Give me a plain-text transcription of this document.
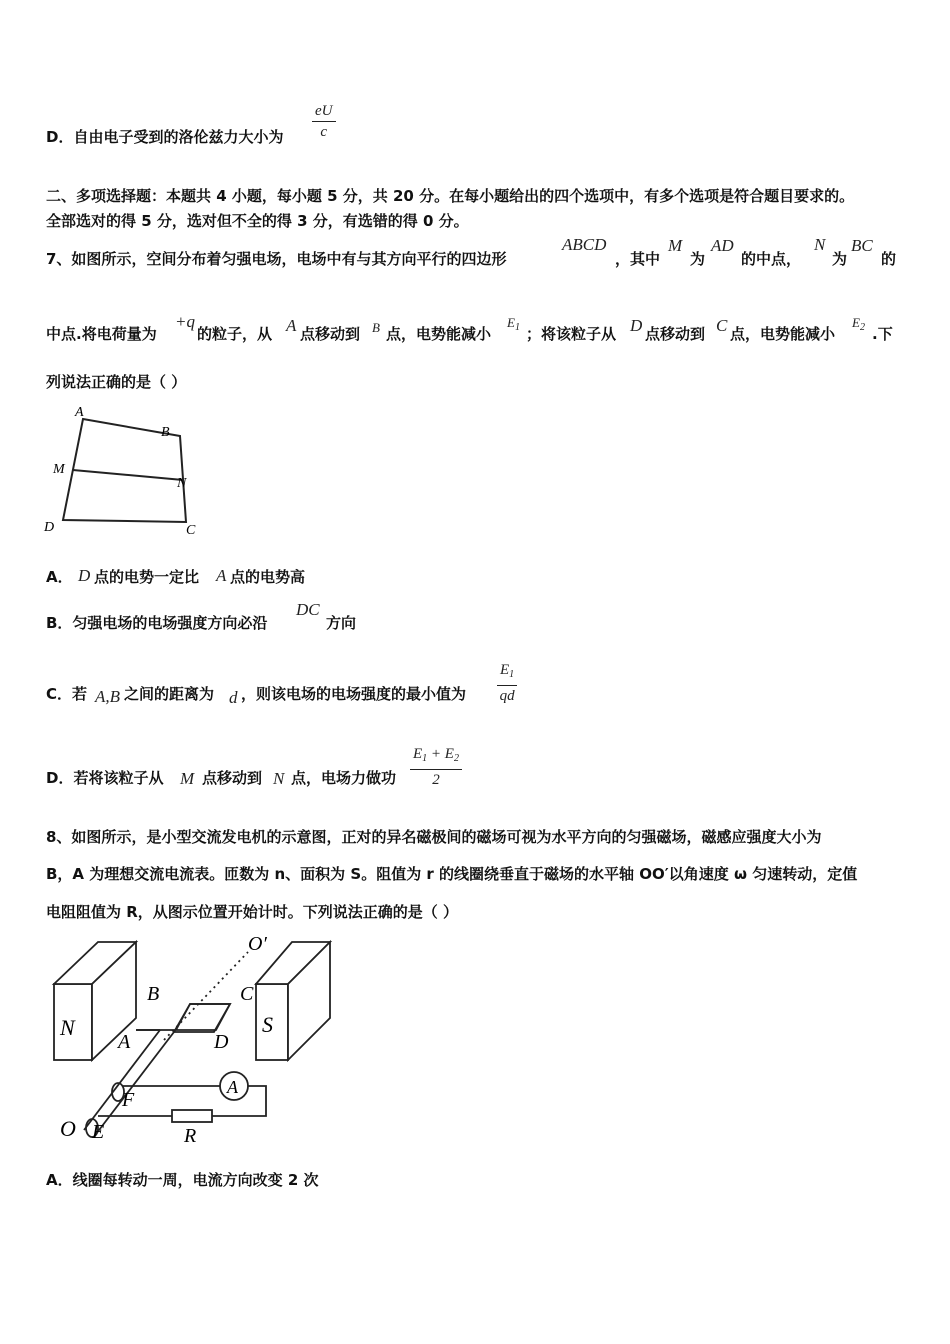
D．自由电子受到的洛伦兹力大小为
eU
c
二、多项选择题：本题共 4 小题，每小题 5 分，共 20 分。在每小题给出的四个选项中，有多个选项是符合题目要求的。
全部选对的得 5 分，选对但不全的得 3 分，有选错的得 0 分。
7、如图所示，空间分布着匀强电场，电场中有与其方向平行的四边形
ABCD
，其中
M
为
AD
的中点，
N
为
BC
的
中点.将电荷量为
+q
的粒子，从 A 点移动到 B 点，电势能减小
$E_1$ ；将该粒子从 D 点移动到 C 点，电势能减小
$E_2$ .下
列说法正确的是（ ）
A
B
M
N
D	C
A． D 点的电势一定比 A 点的电势高
B．匀强电场的电场强度方向必沿
DC
方向
C．若 A,B 之间的距离为 d ，则该电场的电场强度的最小值为
$E_1$
qd
D．若将该粒子从 M 点移动到 N 点，电场力做功
$E_1 + E_2$
2
8、如图所示，是小型交流发电机的示意图，正对的异名磁极间的磁场可视为水平方向的匀强磁场，磁感应强度大小为
B，A 为理想交流电流表。匝数为 n、面积为 S。阻值为 r 的线圈绕垂直于磁场的水平轴 OO′以角速度 ω 匀速转动，定值
电阻阻值为 R，从图示位置开始计时。下列说法正确的是（ ）
O′
B	C
N	S
A	D
F
A
O E	R
A．线圈每转动一周，电流方向改变 2 次
